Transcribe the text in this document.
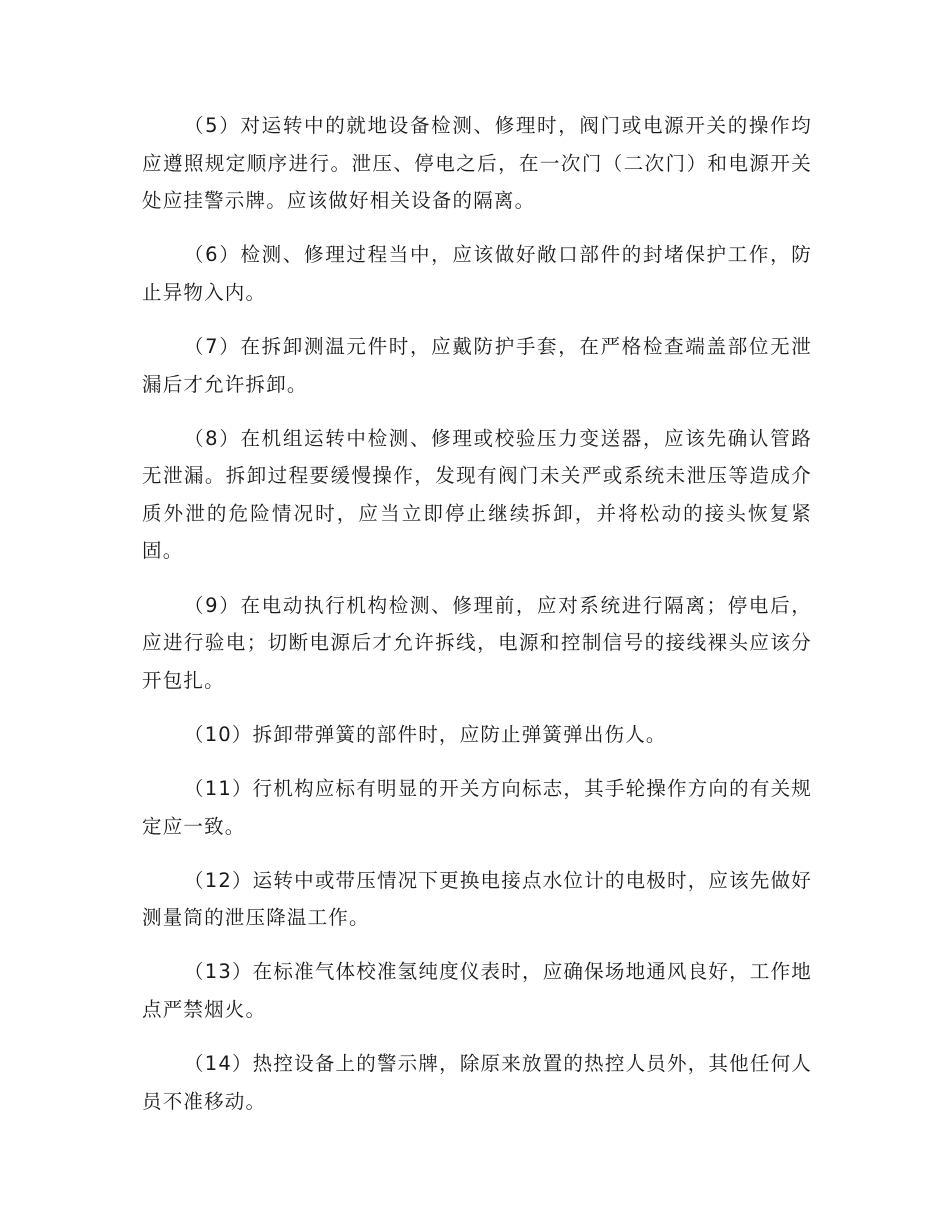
（5）对运转中的就地设备检测、修理时，阀门或电源开关的操作均应遵照规定顺序进行。泄压、停电之后，在一次门（二次门）和电源开关处应挂警示牌。应该做好相关设备的隔离。

（6）检测、修理过程当中，应该做好敞口部件的封堵保护工作，防止异物入内。

（7）在拆卸测温元件时，应戴防护手套，在严格检查端盖部位无泄漏后才允许拆卸。

（8）在机组运转中检测、修理或校验压力变送器，应该先确认管路无泄漏。拆卸过程要缓慢操作，发现有阀门未关严或系统未泄压等造成介质外泄的危险情况时，应当立即停止继续拆卸，并将松动的接头恢复紧固。

（9）在电动执行机构检测、修理前，应对系统进行隔离；停电后，应进行验电；切断电源后才允许拆线，电源和控制信号的接线裸头应该分开包扎。

（10）拆卸带弹簧的部件时，应防止弹簧弹出伤人。

（11）行机构应标有明显的开关方向标志，其手轮操作方向的有关规定应一致。

（12）运转中或带压情况下更换电接点水位计的电极时，应该先做好测量筒的泄压降温工作。

（13）在标准气体校准氢纯度仪表时，应确保场地通风良好，工作地点严禁烟火。

（14）热控设备上的警示牌，除原来放置的热控人员外，其他任何人员不准移动。
